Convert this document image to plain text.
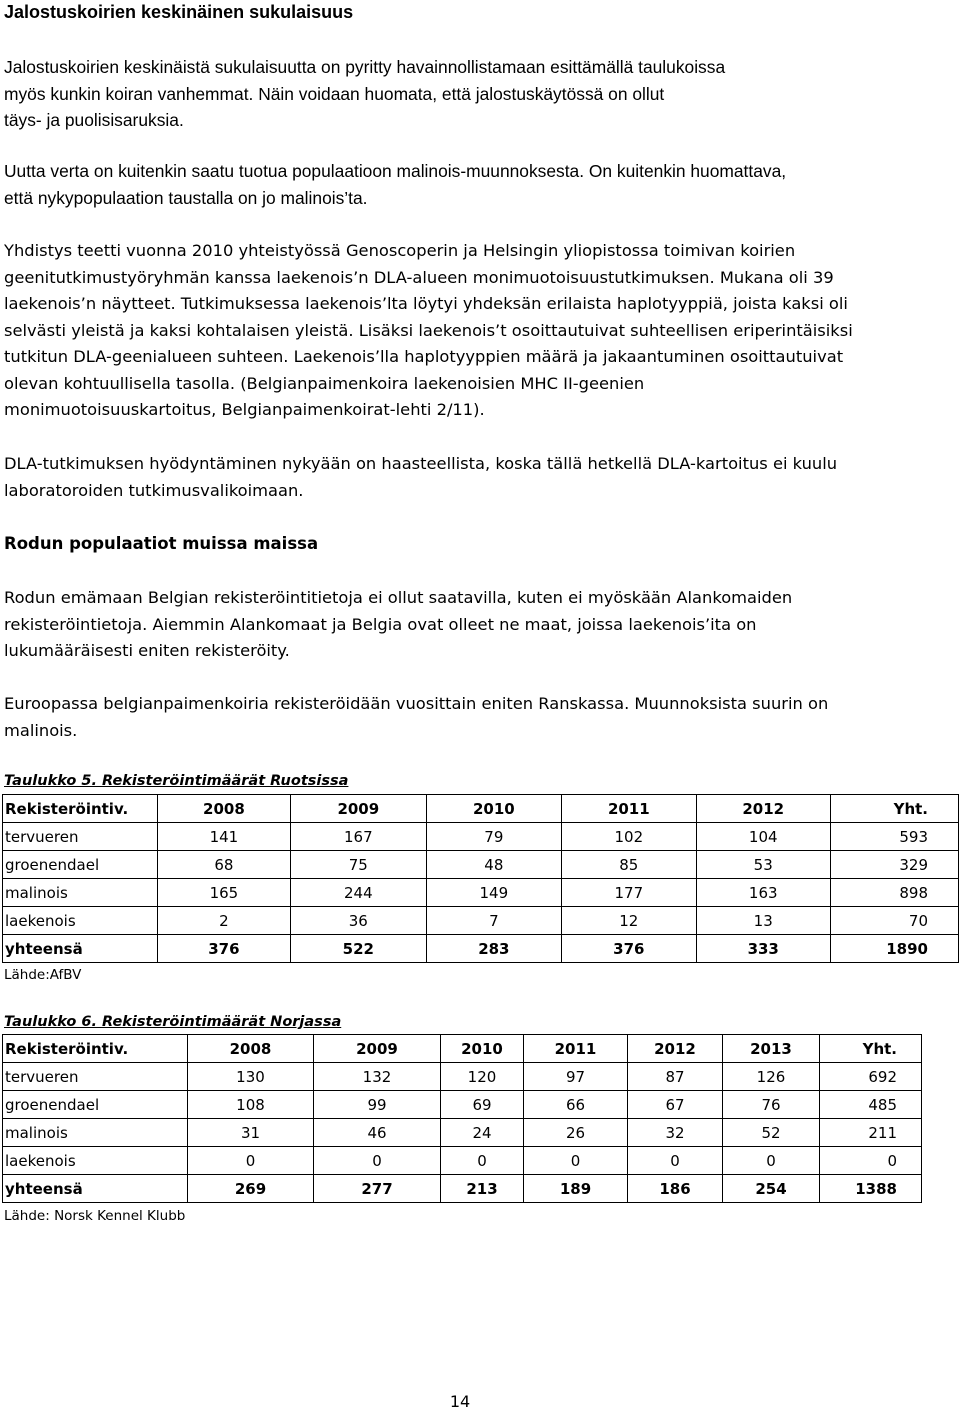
Jalostuskoirien keskinäinen sukulaisuus
Jalostuskoirien keskinäistä sukulaisuutta on pyritty havainnollistamaan esittämällä taulukoissa
myös kunkin koiran vanhemmat. Näin voidaan huomata, että jalostuskäytössä on ollut
täys- ja puolisisaruksia.
Uutta verta on kuitenkin saatu tuotua populaatioon malinois-muunnoksesta. On kuitenkin huomattava,
että nykypopulaation taustalla on jo malinois’ta.
Yhdistys teetti vuonna 2010 yhteistyössä Genoscoperin ja Helsingin yliopistossa toimivan koirien
geenitutkimustyöryhmän kanssa laekenois’n DLA-alueen monimuotoisuustutkimuksen. Mukana oli 39
laekenois’n näytteet. Tutkimuksessa laekenois’lta löytyi yhdeksän erilaista haplotyyppiä, joista kaksi oli
selvästi yleistä ja kaksi kohtalaisen yleistä. Lisäksi laekenois’t osoittautuivat suhteellisen eriperintäisiksi
tutkitun DLA-geenialueen suhteen. Laekenois’lla haplotyyppien määrä ja jakaantuminen osoittautuivat
olevan kohtuullisella tasolla. (Belgianpaimenkoira laekenoisien MHC II-geenien
monimuotoisuuskartoitus, Belgianpaimenkoirat-lehti 2/11).
DLA-tutkimuksen hyödyntäminen nykyään on haasteellista, koska tällä hetkellä DLA-kartoitus ei kuulu
laboratoroiden tutkimusvalikoimaan.
Rodun populaatiot muissa maissa
Rodun emämaan Belgian rekisteröintitietoja ei ollut saatavilla, kuten ei myöskään Alankomaiden
rekisteröintietoja. Aiemmin Alankomaat ja Belgia ovat olleet ne maat, joissa laekenois’ita on
lukumääräisesti eniten rekisteröity.
Euroopassa belgianpaimenkoiria rekisteröidään vuosittain eniten Ranskassa. Muunnoksista suurin on
malinois.
Taulukko 5. Rekisteröintimäärät Ruotsissa
Rekisteröintiv.	2008	2009	2010	2011	2012	Yht.
tervueren	141	167	79	102	104	593
groenendael	68	75	48	85	53	329
malinois	165	244	149	177	163	898
laekenois	2	36	7	12	13	70
yhteensä	376	522	283	376	333	1890
Lähde:AfBV
Taulukko 6. Rekisteröintimäärät Norjassa
Rekisteröintiv.	2008	2009	2010	2011	2012	2013	Yht.
tervueren	130	132	120	97	87	126	692
groenendael	108	99	69	66	67	76	485
malinois	31	46	24	26	32	52	211
laekenois	0	0	0	0	0	0	0
yhteensä	269	277	213	189	186	254	1388
Lähde: Norsk Kennel Klubb
14
